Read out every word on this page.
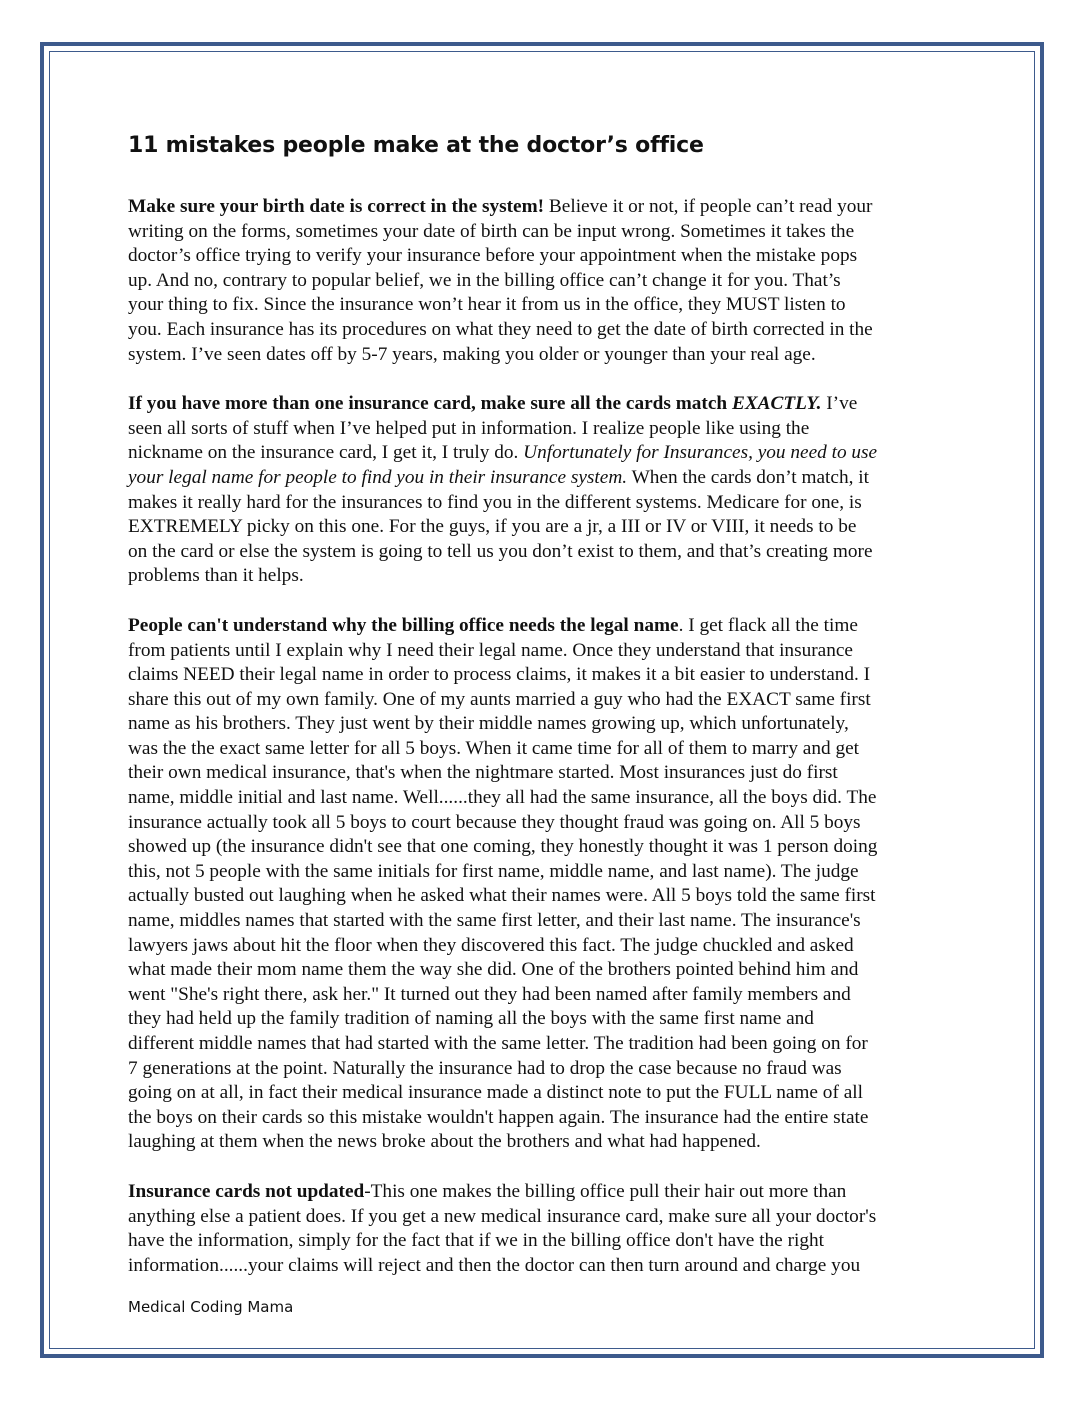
11 mistakes people make at the doctor’s office
Make sure your birth date is correct in the system! Believe it or not, if people can’t read your
writing on the forms, sometimes your date of birth can be input wrong. Sometimes it takes the
doctor’s office trying to verify your insurance before your appointment when the mistake pops
up. And no, contrary to popular belief, we in the billing office can’t change it for you. That’s
your thing to fix. Since the insurance won’t hear it from us in the office, they MUST listen to
you. Each insurance has its procedures on what they need to get the date of birth corrected in the
system. I’ve seen dates off by 5-7 years, making you older or younger than your real age.
If you have more than one insurance card, make sure all the cards match EXACTLY. I’ve
seen all sorts of stuff when I’ve helped put in information. I realize people like using the
nickname on the insurance card, I get it, I truly do. Unfortunately for Insurances, you need to use
your legal name for people to find you in their insurance system. When the cards don’t match, it
makes it really hard for the insurances to find you in the different systems. Medicare for one, is
EXTREMELY picky on this one. For the guys, if you are a jr, a III or IV or VIII, it needs to be
on the card or else the system is going to tell us you don’t exist to them, and that’s creating more
problems than it helps.
People can't understand why the billing office needs the legal name. I get flack all the time
from patients until I explain why I need their legal name. Once they understand that insurance
claims NEED their legal name in order to process claims, it makes it a bit easier to understand. I
share this out of my own family. One of my aunts married a guy who had the EXACT same first
name as his brothers. They just went by their middle names growing up, which unfortunately,
was the the exact same letter for all 5 boys. When it came time for all of them to marry and get
their own medical insurance, that's when the nightmare started. Most insurances just do first
name, middle initial and last name. Well......they all had the same insurance, all the boys did. The
insurance actually took all 5 boys to court because they thought fraud was going on. All 5 boys
showed up (the insurance didn't see that one coming, they honestly thought it was 1 person doing
this, not 5 people with the same initials for first name, middle name, and last name). The judge
actually busted out laughing when he asked what their names were. All 5 boys told the same first
name, middles names that started with the same first letter, and their last name. The insurance's
lawyers jaws about hit the floor when they discovered this fact. The judge chuckled and asked
what made their mom name them the way she did. One of the brothers pointed behind him and
went "She's right there, ask her." It turned out they had been named after family members and
they had held up the family tradition of naming all the boys with the same first name and
different middle names that had started with the same letter. The tradition had been going on for
7 generations at the point. Naturally the insurance had to drop the case because no fraud was
going on at all, in fact their medical insurance made a distinct note to put the FULL name of all
the boys on their cards so this mistake wouldn't happen again. The insurance had the entire state
laughing at them when the news broke about the brothers and what had happened.
Insurance cards not updated-This one makes the billing office pull their hair out more than
anything else a patient does. If you get a new medical insurance card, make sure all your doctor's
have the information, simply for the fact that if we in the billing office don't have the right
information......your claims will reject and then the doctor can then turn around and charge you
Medical Coding Mama
